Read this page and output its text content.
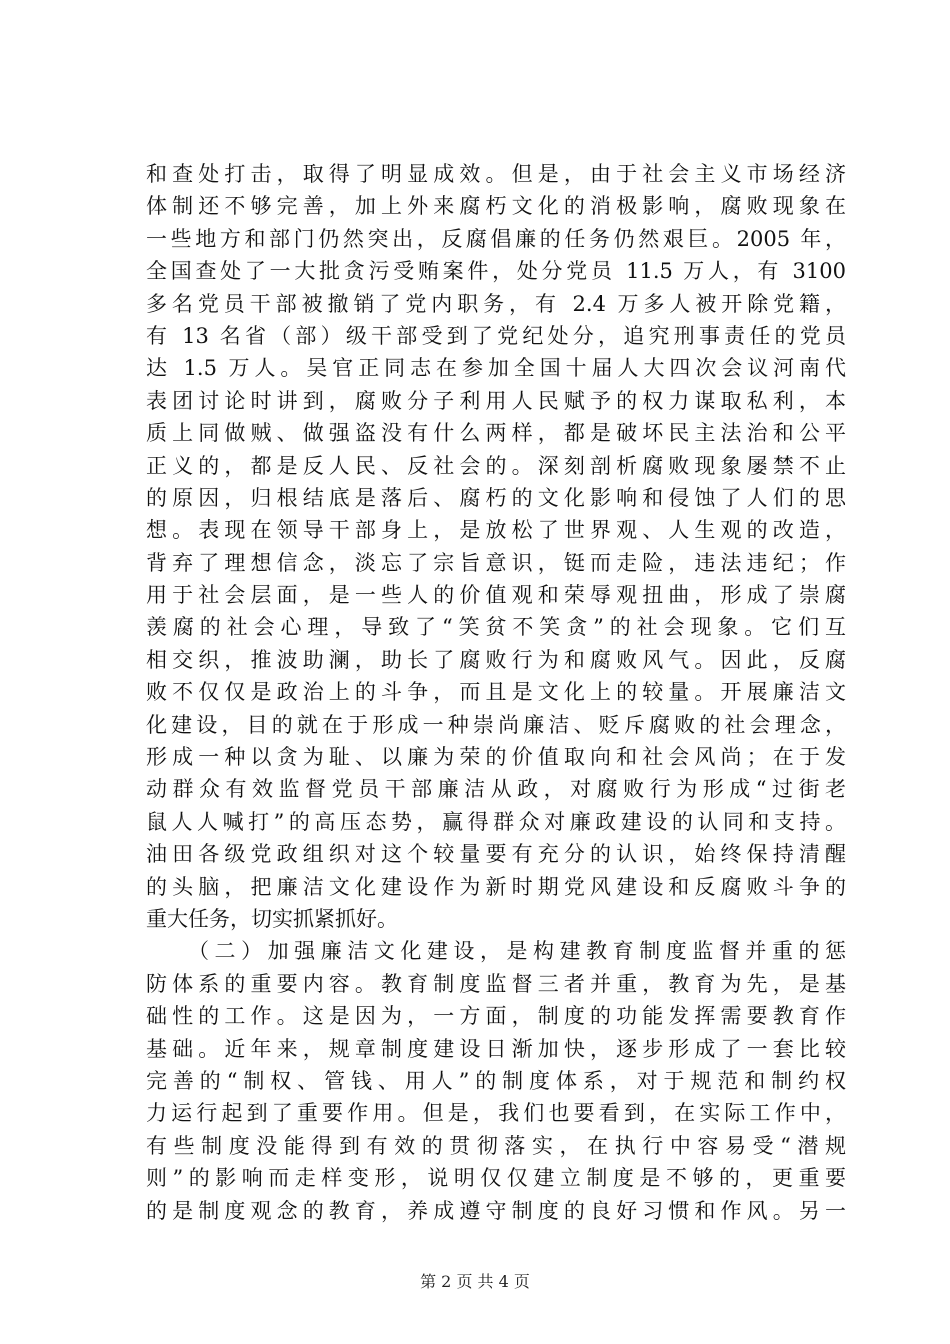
和查处打击，取得了明显成效。但是，由于社会主义市场经济
体制还不够完善，加上外来腐朽文化的消极影响，腐败现象在
一些地方和部门仍然突出，反腐倡廉的任务仍然艰巨。2005 年，
全国查处了一大批贪污受贿案件，处分党员 11.5 万人，有 3100
多名党员干部被撤销了党内职务，有 2.4 万多人被开除党籍，
有 13 名省（部）级干部受到了党纪处分，追究刑事责任的党员
达 1.5 万人。吴官正同志在参加全国十届人大四次会议河南代
表团讨论时讲到，腐败分子利用人民赋予的权力谋取私利，本
质上同做贼、做强盗没有什么两样，都是破坏民主法治和公平
正义的，都是反人民、反社会的。深刻剖析腐败现象屡禁不止
的原因，归根结底是落后、腐朽的文化影响和侵蚀了人们的思
想。表现在领导干部身上，是放松了世界观、人生观的改造，
背弃了理想信念，淡忘了宗旨意识，铤而走险，违法违纪；作
用于社会层面，是一些人的价值观和荣辱观扭曲，形成了崇腐
羡腐的社会心理，导致了“笑贫不笑贪”的社会现象。它们互
相交织，推波助澜，助长了腐败行为和腐败风气。因此，反腐
败不仅仅是政治上的斗争，而且是文化上的较量。开展廉洁文
化建设，目的就在于形成一种崇尚廉洁、贬斥腐败的社会理念，
形成一种以贪为耻、以廉为荣的价值取向和社会风尚；在于发
动群众有效监督党员干部廉洁从政，对腐败行为形成“过街老
鼠人人喊打”的高压态势，赢得群众对廉政建设的认同和支持。
油田各级党政组织对这个较量要有充分的认识，始终保持清醒
的头脑，把廉洁文化建设作为新时期党风建设和反腐败斗争的
重大任务，切实抓紧抓好。
（二）加强廉洁文化建设，是构建教育制度监督并重的惩
防体系的重要内容。教育制度监督三者并重，教育为先，是基
础性的工作。这是因为，一方面，制度的功能发挥需要教育作
基础。近年来，规章制度建设日渐加快，逐步形成了一套比较
完善的“制权、管钱、用人”的制度体系，对于规范和制约权
力运行起到了重要作用。但是，我们也要看到，在实际工作中，
有些制度没能得到有效的贯彻落实，在执行中容易受“潜规
则”的影响而走样变形，说明仅仅建立制度是不够的，更重要
的是制度观念的教育，养成遵守制度的良好习惯和作风。另一
第 2 页 共 4 页
